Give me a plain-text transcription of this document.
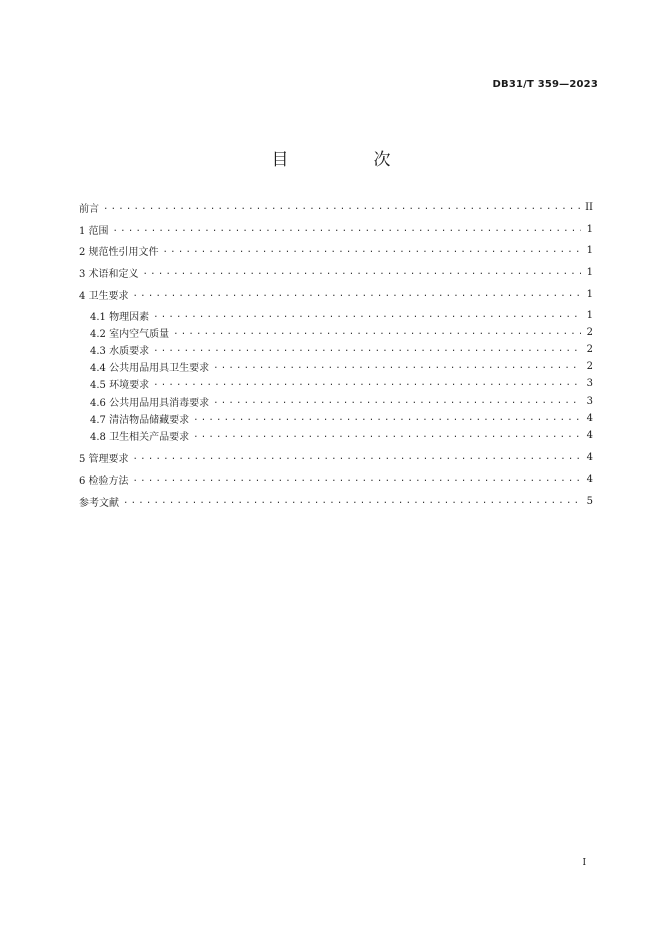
DB31/T 359—2023
目　次
前言 . . .	II
1 范围 . . .	1
2 规范性引用文件 . . .	1
3 术语和定义 . . .	1
4 卫生要求 . . .	1
4.1 物理因素 . . .	1
4.2 室内空气质量 . . .	2
4.3 水质要求 . . .	2
4.4 公共用品用具卫生要求 . . .	2
4.5 环境要求 . . .	3
4.6 公共用品用具消毒要求 . . .	3
4.7 清洁物品储藏要求 . . .	4
4.8 卫生相关产品要求 . . .	4
5 管理要求 . . .	4
6 检验方法 . . .	4
参考文献 . . .	5
I
